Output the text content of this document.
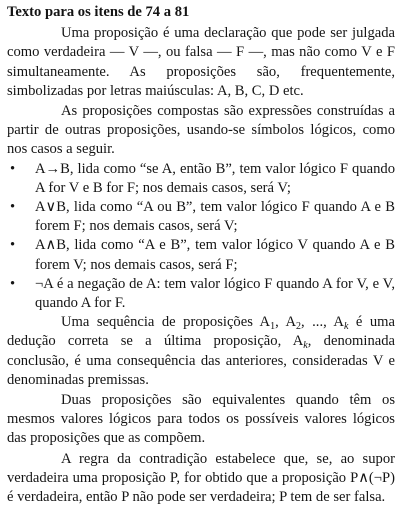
Texto para os itens de 74 a 81

Uma proposição é uma declaração que pode ser julgada como verdadeira — V —, ou falsa — F —, mas não como V e F simultaneamente. As proposições são, frequentemente, simbolizadas por letras maiúsculas: A, B, C, D etc.

As proposições compostas são expressões construídas a partir de outras proposições, usando-se símbolos lógicos, como nos casos a seguir.

• A→B, lida como “se A, então B”, tem valor lógico F quando A for V e B for F; nos demais casos, será V;
• A∨B, lida como “A ou B”, tem valor lógico F quando A e B forem F; nos demais casos, será V;
• A∧B, lida como “A e B”, tem valor lógico V quando A e B forem V; nos demais casos, será F;
• ¬A é a negação de A: tem valor lógico F quando A for V, e V, quando A for F.

Uma sequência de proposições $A_1$, $A_2$, ..., $A_k$ é uma dedução correta se a última proposição, $A_k$, denominada conclusão, é uma consequência das anteriores, consideradas V e denominadas premissas.

Duas proposições são equivalentes quando têm os mesmos valores lógicos para todos os possíveis valores lógicos das proposições que as compõem.

A regra da contradição estabelece que, se, ao supor verdadeira uma proposição P, for obtido que a proposição P∧(¬P) é verdadeira, então P não pode ser verdadeira; P tem de ser falsa.
